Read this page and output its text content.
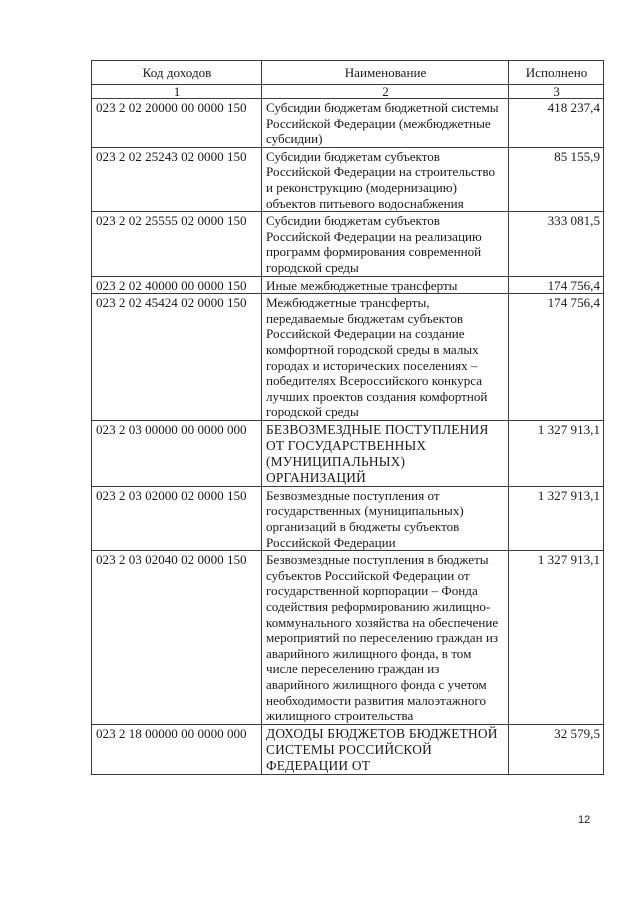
Код доходов	Наименование	Исполнено
1	2	3
023 2 02 20000 00 0000 150	Субсидии бюджетам бюджетной системы Российской Федерации (межбюджетные субсидии)	418 237,4
023 2 02 25243 02 0000 150	Субсидии бюджетам субъектов Российской Федерации на строительство и реконструкцию (модернизацию) объектов питьевого водоснабжения	85 155,9
023 2 02 25555 02 0000 150	Субсидии бюджетам субъектов Российской Федерации на реализацию программ формирования современной городской среды	333 081,5
023 2 02 40000 00 0000 150	Иные межбюджетные трансферты	174 756,4
023 2 02 45424 02 0000 150	Межбюджетные трансферты, передаваемые бюджетам субъектов Российской Федерации на создание комфортной городской среды в малых городах и исторических поселениях – победителях Всероссийского конкурса лучших проектов создания комфортной городской среды	174 756,4
023 2 03 00000 00 0000 000	БЕЗВОЗМЕЗДНЫЕ ПОСТУПЛЕНИЯ ОТ ГОСУДАРСТВЕННЫХ (МУНИЦИПАЛЬНЫХ) ОРГАНИЗАЦИЙ	1 327 913,1
023 2 03 02000 02 0000 150	Безвозмездные поступления от государственных (муниципальных) организаций в бюджеты субъектов Российской Федерации	1 327 913,1
023 2 03 02040 02 0000 150	Безвозмездные поступления в бюджеты субъектов Российской Федерации от государственной корпорации – Фонда содействия реформированию жилищно-коммунального хозяйства на обеспечение мероприятий по переселению граждан из аварийного жилищного фонда, в том числе переселению граждан из аварийного жилищного фонда с учетом необходимости развития малоэтажного жилищного строительства	1 327 913,1
023 2 18 00000 00 0000 000	ДОХОДЫ БЮДЖЕТОВ БЮДЖЕТНОЙ СИСТЕМЫ РОССИЙСКОЙ ФЕДЕРАЦИИ ОТ	32 579,5
12
